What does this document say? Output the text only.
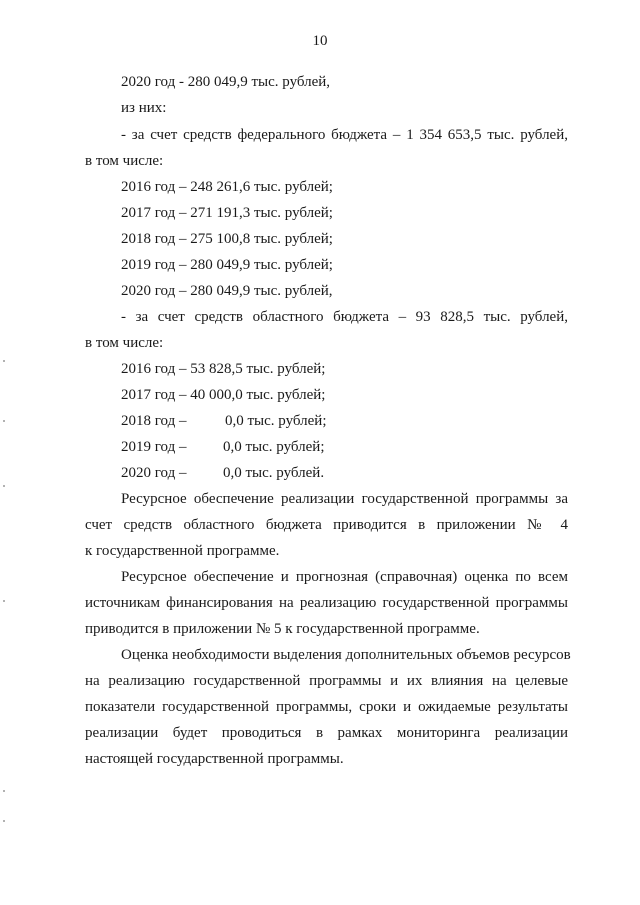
10
2020 год - 280 049,9 тыс. рублей,
из них:
- за счет средств федерального бюджета – 1 354 653,5 тыс. рублей,
в том числе:
2016 год – 248 261,6 тыс. рублей;
2017 год – 271 191,3 тыс. рублей;
2018 год – 275 100,8 тыс. рублей;
2019 год – 280 049,9 тыс. рублей;
2020 год – 280 049,9 тыс. рублей,
- за счет средств областного бюджета – 93 828,5 тыс. рублей,
в том числе:
2016 год – 53 828,5 тыс. рублей;
2017 год – 40 000,0 тыс. рублей;
2018 год –	0,0 тыс. рублей;
2019 год – 0,0 тыс. рублей;
2020 год – 0,0 тыс. рублей.
Ресурсное обеспечение реализации государственной программы за
счет средств областного бюджета приводится в приложении № 4
к государственной программе.
Ресурсное обеспечение и прогнозная (справочная) оценка по всем
источникам финансирования на реализацию государственной программы
приводится в приложении № 5 к государственной программе.
Оценка необходимости выделения дополнительных объемов ресурсов
на реализацию государственной программы и их влияния на целевые
показатели государственной программы, сроки и ожидаемые результаты
реализации будет проводиться в рамках мониторинга реализации
настоящей государственной программы.
